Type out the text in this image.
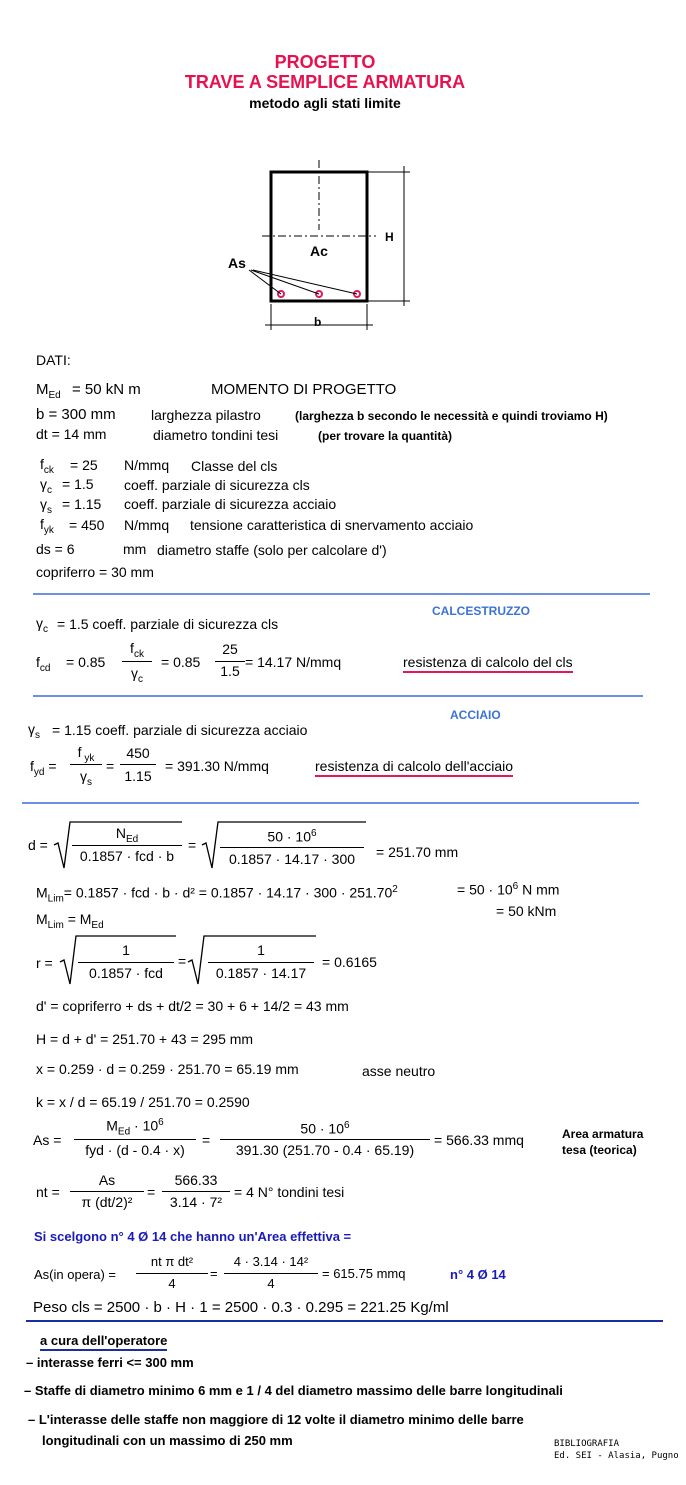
PROGETTO
TRAVE A SEMPLICE ARMATURA
metodo agli stati limite
Ac
As
H
b
DATI:
$M_{Ed} = 50$ kN m	MOMENTO DI PROGETTO
b = 300 mm	larghezza pilastro	(larghezza b secondo le necessità e quindi troviamo H)
dt = 14 mm	diametro tondini tesi	(per trovare la quantità)
$f_{ck} = 25$ N/mmq Classe del cls
$\gamma_c = 1.5$ coeff. parziale di sicurezza cls
$\gamma_s = 1.15$ coeff. parziale di sicurezza acciaio
$f_{yk} = 450$ N/mmq tensione caratteristica di snervamento acciaio
ds = 6	mm diametro staffe (solo per calcolare d')
copriferro = 30 mm
CALCESTRUZZO
$\gamma_c = 1.5$ coeff. parziale di sicurezza cls
$f_{cd} = 0.85$
$f_{ck}$
$\gamma_c$
= 0.85
25
1.5
= 14.17 N/mmq	resistenza di calcolo del cls
ACCIAIO
$\gamma_s = 1.15$ coeff. parziale di sicurezza acciaio
$f_{yd}$ =
f $_{yk}$
$\gamma_s$
=
450
1.15
= 391.30 N/mmq	resistenza di calcolo dell'acciaio
d =
$N_{Ed}$
0.1857 · fcd · b
=
$50 \cdot 10^6$
0.1857 · 14.17 · 300	= 251.70 mm
$M_{Lim}= 0.1857$ · fcd · $b \cdot d^2 = 0.1857 \cdot 14.17 \cdot 300 \cdot 251.70^2$	= $50 \cdot 10^6$ N mm
= 50 kNm
$M_{Lim} = M_{Ed}$
r =
1
0.1857 · fcd
=
1
0.1857 · 14.17
= 0.6165
d' = copriferro + ds + dt/2 = 30 + 6 + 14/2 = 43 mm
H = d + d' = 251.70 + 43 = 295 mm
x = 0.259 · d = 0.259 · 251.70 = 65.19 mm	asse neutro
k = x / d = 65.19 / 251.70 = 0.2590
As =
$M_{Ed} \cdot 10^6$
fyd · (d - 0.4 · x)
=
$50 \cdot 10^6$
391.30 (251.70 - 0.4 · 65.19)
= 566.33 mmq	Area armatura
tesa (teorica)
nt =
As
π (dt/2)²
=
566.33
3.14 · 7²
= 4 N° tondini tesi
Si scelgono n° 4 Ø 14 che hanno un'Area effettiva =
As(in opera) =
nt π dt²
4
=
4 · 3.14 · 14²
4
= 615.75 mmq	n° 4 Ø 14
Peso cls = 2500 · b · H · 1 = 2500 · 0.3 · 0.295 = 221.25 Kg/ml
a cura dell'operatore
– interasse ferri <= 300 mm
– Staffe di diametro minimo 6 mm e 1 / 4 del diametro massimo delle barre longitudinali
– L'interasse delle staffe non maggiore di 12 volte il diametro minimo delle barre
longitudinali con un massimo di 250 mm	BIBLIOGRAFIA
Ed. SEI - Alasia, Pugno
